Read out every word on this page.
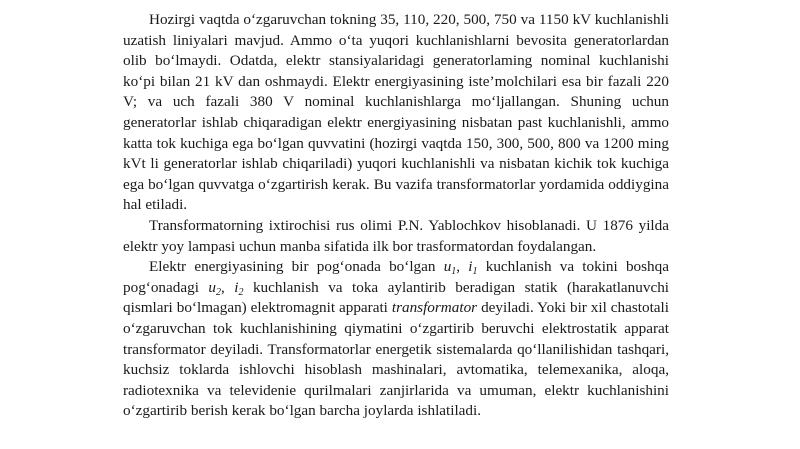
Hozirgi vaqtda o‘zgaruvchan tokning 35, 110, 220, 500, 750 va 1150 kV kuchlanishli uzatish liniyalari mavjud. Ammo o‘ta yuqori kuchlanishlarni bevosita generatorlardan olib bo‘lmaydi. Odatda, elektr stansiyalaridagi generatorlaming nominal kuchlanishi ko‘pi bilan 21 kV dan oshmaydi. Elektr energiyasining iste’molchilari esa bir fazali 220 V; va uch fazali 380 V nominal kuchlanishlarga mo‘ljallangan. Shuning uchun generatorlar ishlab chiqaradigan elektr energiyasining nisbatan past kuchlanishli, ammo katta tok kuchiga ega bo‘lgan quvvatini (hozirgi vaqtda 150, 300, 500, 800 va 1200 ming kVt li generatorlar ishlab chiqariladi) yuqori kuchlanishli va nisbatan kichik tok kuchiga ega bo‘lgan quvvatga o‘zgartirish kerak. Bu vazifa transformatorlar yordamida oddiygina hal etiladi.

Transformatorning ixtirochisi rus olimi P.N. Yablochkov hisoblanadi. U 1876 yilda elektr yoy lampasi uchun manba sifatida ilk bor trasformatordan foydalangan.

Elektr energiyasining bir pog‘onada bo‘lgan $u_1$, $i_1$ kuchlanish va tokini boshqa pog‘onadagi $u_2$, $i_2$ kuchlanish va toka aylantirib beradigan statik (harakatlanuvchi qismlari bo‘lmagan) elektromagnit apparati transformator deyiladi. Yoki bir xil chastotali o‘zgaruvchan tok kuchlanishining qiymatini o‘zgartirib beruvchi elektrostatik apparat transformator deyiladi. Transformatorlar energetik sistemalarda qo‘llanilishidan tashqari, kuchsiz toklarda ishlovchi hisoblash mashinalari, avtomatika, telemexanika, aloqa, radiotexnika va televidenie qurilmalari zanjirlarida va umuman, elektr kuchlanishini o‘zgartirib berish kerak bo‘lgan barcha joylarda ishlatiladi.
